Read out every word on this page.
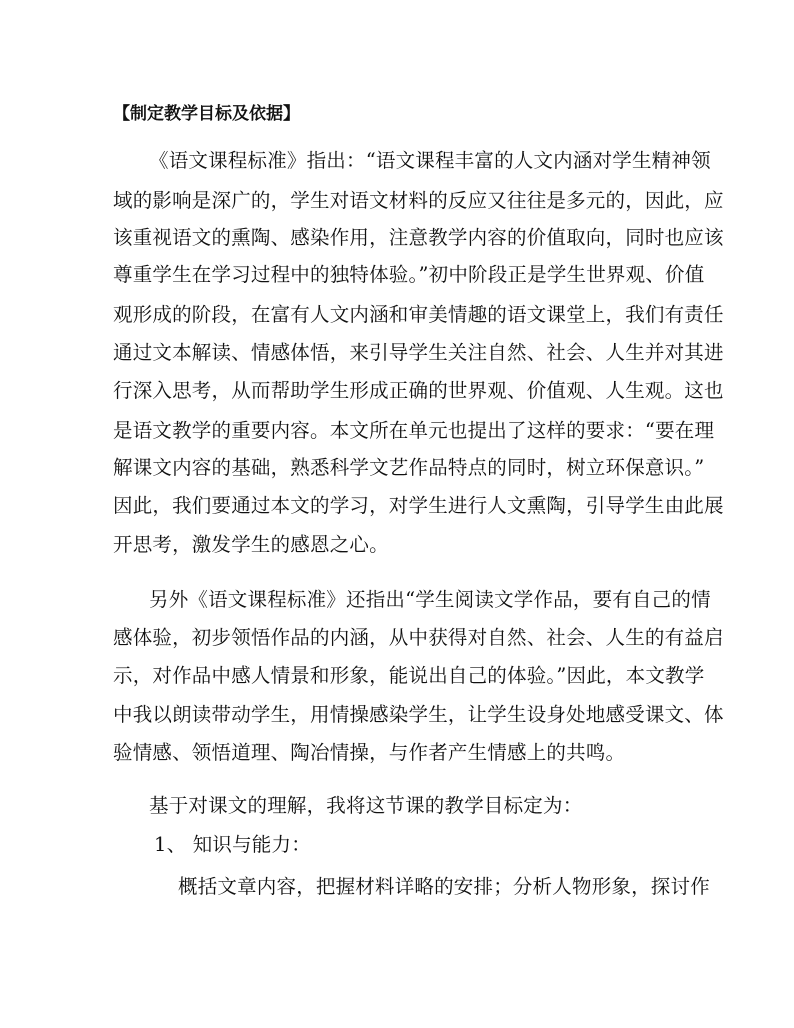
【制定教学目标及依据】
《语文课程标准》指出：“语文课程丰富的人文内涵对学生精神领
域的影响是深广的，学生对语文材料的反应又往往是多元的，因此，应
该重视语文的熏陶、感染作用，注意教学内容的价值取向，同时也应该
尊重学生在学习过程中的独特体验。”初中阶段正是学生世界观、价值
观形成的阶段，在富有人文内涵和审美情趣的语文课堂上，我们有责任
通过文本解读、情感体悟，来引导学生关注自然、社会、人生并对其进
行深入思考，从而帮助学生形成正确的世界观、价值观、人生观。这也
是语文教学的重要内容。本文所在单元也提出了这样的要求：“要在理
解课文内容的基础，熟悉科学文艺作品特点的同时，树立环保意识。”
因此，我们要通过本文的学习，对学生进行人文熏陶，引导学生由此展
开思考，激发学生的感恩之心。
另外《语文课程标准》还指出“学生阅读文学作品，要有自己的情
感体验，初步领悟作品的内涵，从中获得对自然、社会、人生的有益启
示，对作品中感人情景和形象，能说出自己的体验。”因此，本文教学
中我以朗读带动学生，用情操感染学生，让学生设身处地感受课文、体
验情感、领悟道理、陶冶情操，与作者产生情感上的共鸣。
基于对课文的理解，我将这节课的教学目标定为：
1、 知识与能力：
概括文章内容，把握材料详略的安排；分析人物形象，探讨作
